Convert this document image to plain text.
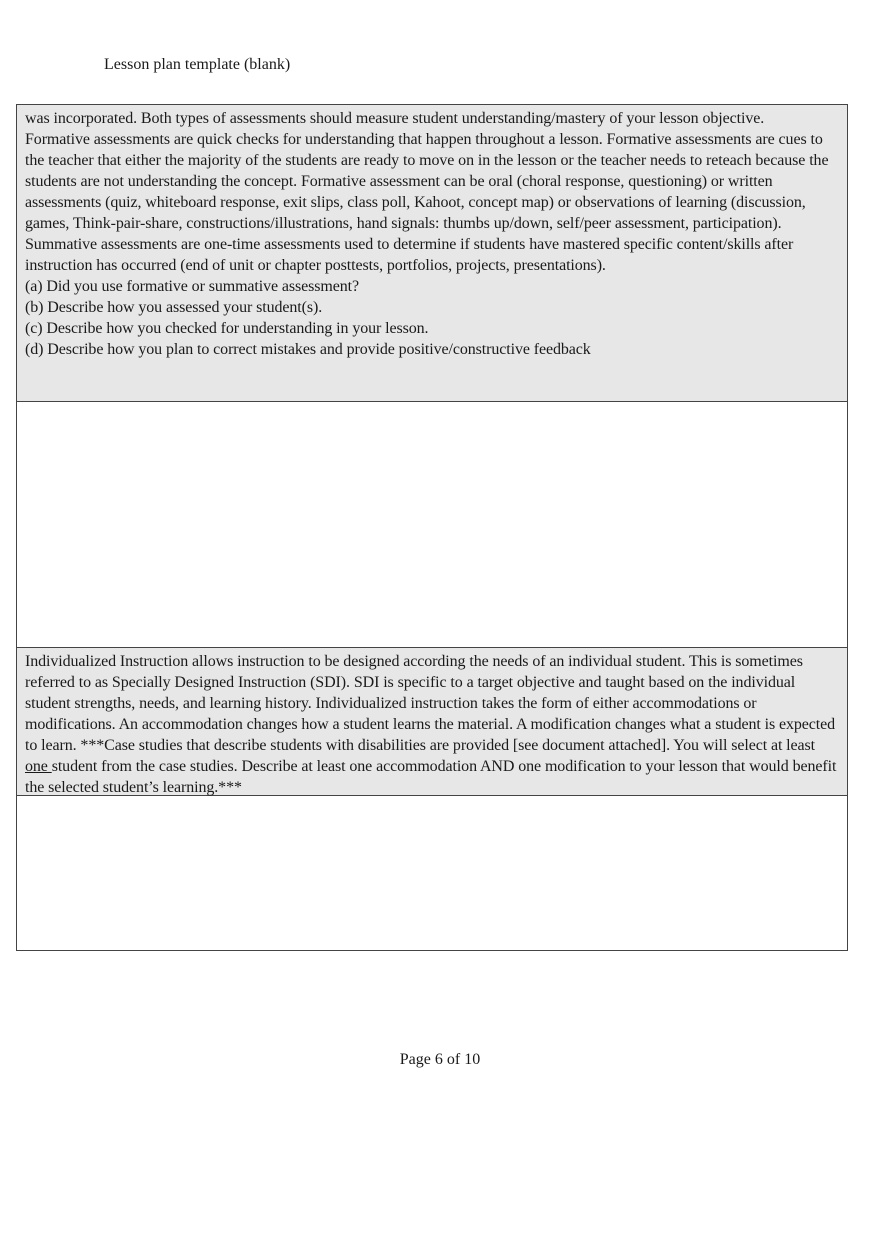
Lesson plan template (blank)

was incorporated. Both types of assessments should measure student understanding/mastery of your lesson objective.

Formative assessments are quick checks for understanding that happen throughout a lesson. Formative assessments are cues to the teacher that either the majority of the students are ready to move on in the lesson or the teacher needs to reteach because the students are not understanding the concept. Formative assessment can be oral (choral response, questioning) or written assessments (quiz, whiteboard response, exit slips, class poll, Kahoot, concept map) or observations of learning (discussion, games, Think-pair-share, constructions/illustrations, hand signals: thumbs up/down, self/peer assessment, participation).

Summative assessments are one-time assessments used to determine if students have mastered specific content/skills after instruction has occurred (end of unit or chapter posttests, portfolios, projects, presentations).

(a) Did you use formative or summative assessment?

(b) Describe how you assessed your student(s).

(c) Describe how you checked for understanding in your lesson.

(d) Describe how you plan to correct mistakes and provide positive/constructive feedback

Individualized Instruction allows instruction to be designed according the needs of an individual student. This is sometimes referred to as Specially Designed Instruction (SDI). SDI is specific to a target objective and taught based on the individual student strengths, needs, and learning history. Individualized instruction takes the form of either accommodations or modifications. An accommodation changes how a student learns the material. A modification changes what a student is expected to learn. ***Case studies that describe students with disabilities are provided [see document attached]. You will select at least one student from the case studies. Describe at least one accommodation AND one modification to your lesson that would benefit the selected student’s learning.***

Page 6 of 10
